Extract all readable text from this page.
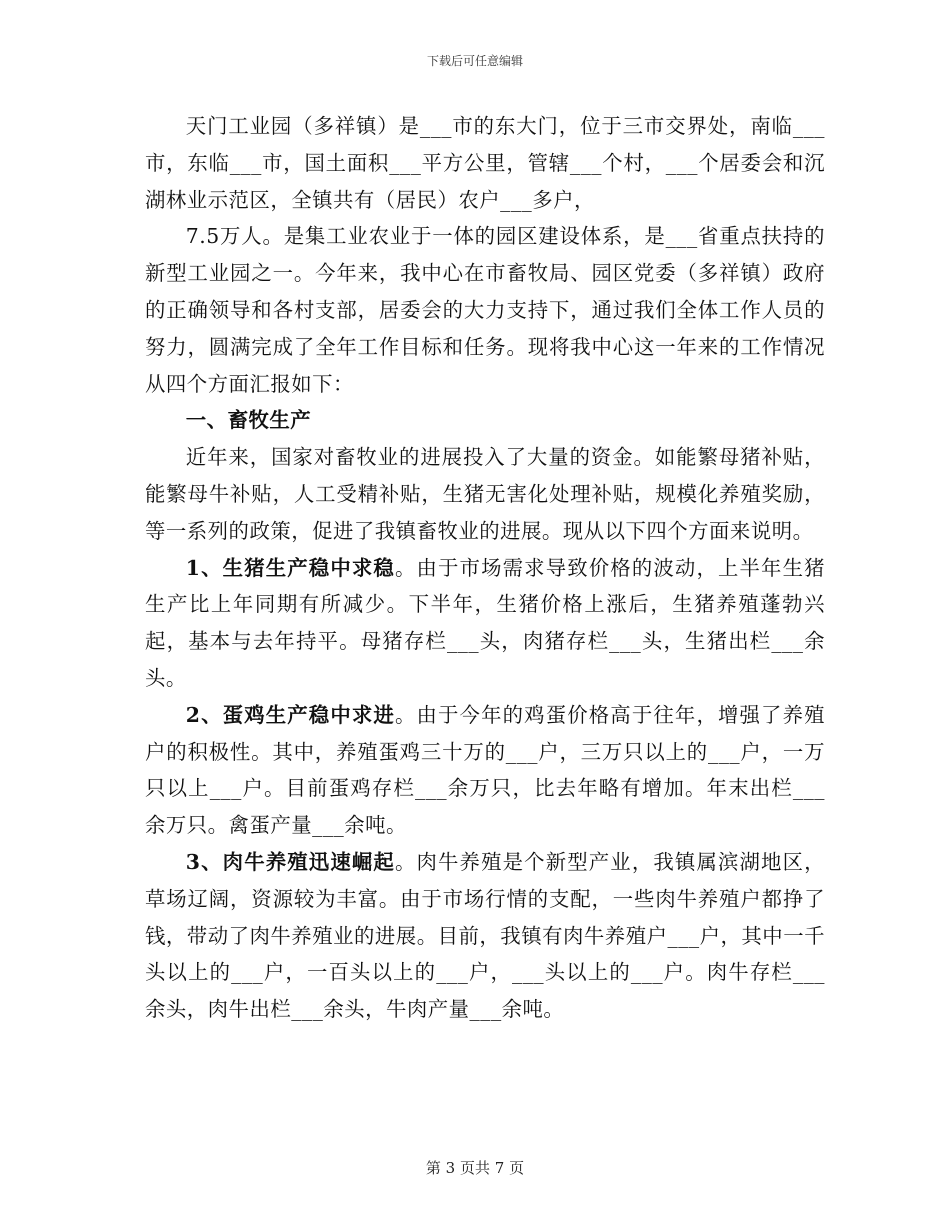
下载后可任意编辑

天门工业园（多祥镇）是___市的东大门，位于三市交界处，南临___市，东临___市，国土面积___平方公里，管辖___个村，___个居委会和沉湖林业示范区，全镇共有（居民）农户___多户，

7.5万人。是集工业农业于一体的园区建设体系，是___省重点扶持的新型工业园之一。今年来，我中心在市畜牧局、园区党委（多祥镇）政府的正确领导和各村支部，居委会的大力支持下，通过我们全体工作人员的努力，圆满完成了全年工作目标和任务。现将我中心这一年来的工作情况从四个方面汇报如下：

一、畜牧生产

近年来，国家对畜牧业的进展投入了大量的资金。如能繁母猪补贴，能繁母牛补贴，人工受精补贴，生猪无害化处理补贴，规模化养殖奖励，等一系列的政策，促进了我镇畜牧业的进展。现从以下四个方面来说明。

1、生猪生产稳中求稳。由于市场需求导致价格的波动，上半年生猪生产比上年同期有所减少。下半年，生猪价格上涨后，生猪养殖蓬勃兴起，基本与去年持平。母猪存栏___头，肉猪存栏___头，生猪出栏___余头。

2、蛋鸡生产稳中求进。由于今年的鸡蛋价格高于往年，增强了养殖户的积极性。其中，养殖蛋鸡三十万的___户，三万只以上的___户，一万只以上___户。目前蛋鸡存栏___余万只，比去年略有增加。年末出栏___余万只。禽蛋产量___余吨。

3、肉牛养殖迅速崛起。肉牛养殖是个新型产业，我镇属滨湖地区，草场辽阔，资源较为丰富。由于市场行情的支配，一些肉牛养殖户都挣了钱，带动了肉牛养殖业的进展。目前，我镇有肉牛养殖户___户，其中一千头以上的___户，一百头以上的___户，___头以上的___户。肉牛存栏___余头，肉牛出栏___余头，牛肉产量___余吨。

第 3 页共 7 页
